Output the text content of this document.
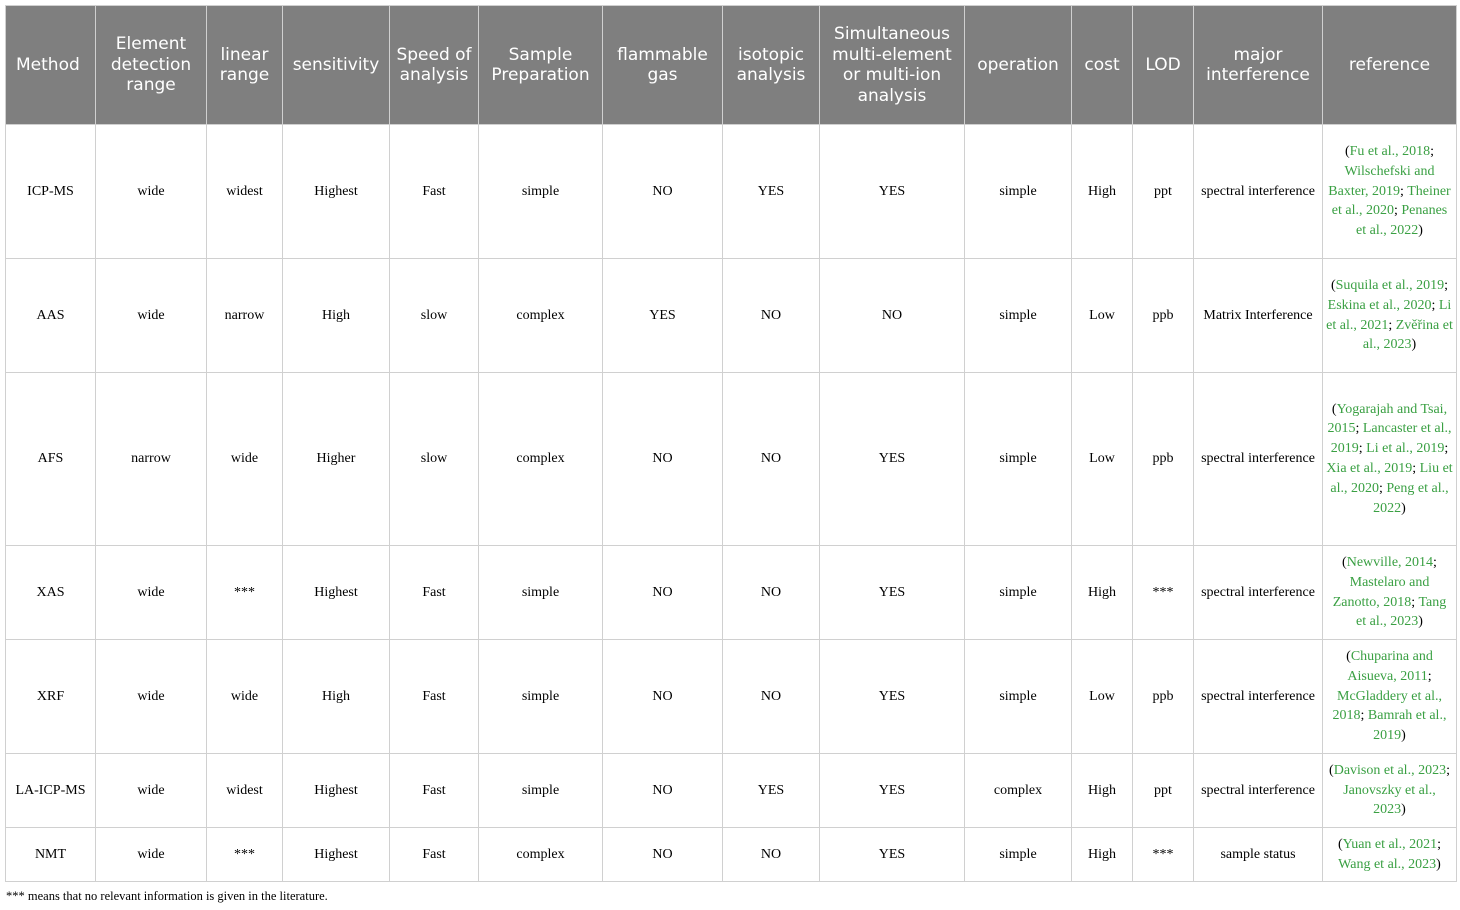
Method	Element detection range	linear range	sensitivity	Speed of analysis	Sample Preparation	flammable gas	isotopic analysis	Simultaneous multi-element or multi-ion analysis	operation	cost	LOD	major interference	reference
ICP-MS	wide	widest	Highest	Fast	simple	NO	YES	YES	simple	High	ppt	spectral interference	(Fu et al., 2018; Wilschefski and Baxter, 2019; Theiner et al., 2020; Penanes et al., 2022)
AAS	wide	narrow	High	slow	complex	YES	NO	NO	simple	Low	ppb	Matrix Interference	(Suquila et al., 2019; Eskina et al., 2020; Li et al., 2021; Zvěřina et al., 2023)
AFS	narrow	wide	Higher	slow	complex	NO	NO	YES	simple	Low	ppb	spectral interference	(Yogarajah and Tsai, 2015; Lancaster et al., 2019; Li et al., 2019; Xia et al., 2019; Liu et al., 2020; Peng et al., 2022)
XAS	wide	***	Highest	Fast	simple	NO	NO	YES	simple	High	***	spectral interference	(Newville, 2014; Mastelaro and Zanotto, 2018; Tang et al., 2023)
XRF	wide	wide	High	Fast	simple	NO	NO	YES	simple	Low	ppb	spectral interference	(Chuparina and Aisueva, 2011; McGladdery et al., 2018; Bamrah et al., 2019)
LA-ICP-MS	wide	widest	Highest	Fast	simple	NO	YES	YES	complex	High	ppt	spectral interference	(Davison et al., 2023; Janovszky et al., 2023)
NMT	wide	***	Highest	Fast	complex	NO	NO	YES	simple	High	***	sample status	(Yuan et al., 2021; Wang et al., 2023)
*** means that no relevant information is given in the literature.
